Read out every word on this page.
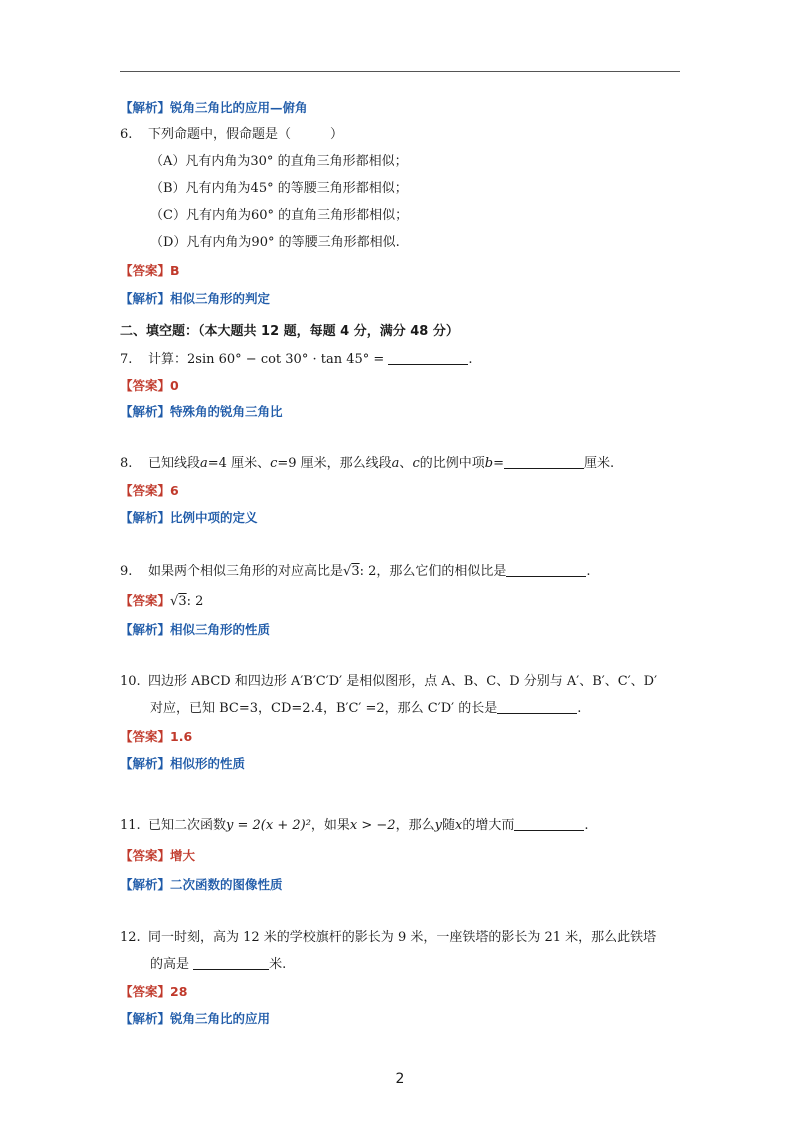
【解析】锐角三角比的应用—俯角
6. 下列命题中，假命题是（　　　）
（A）凡有内角为30° 的直角三角形都相似；
（B）凡有内角为45° 的等腰三角形都相似；
（C）凡有内角为60° 的直角三角形都相似；
（D）凡有内角为90° 的等腰三角形都相似.
【答案】B
【解析】相似三角形的判定
二、填空题：（本大题共 12 题，每题 4 分，满分 48 分）
7. 计算：2sin 60° − cot 30° · tan 45° =	.
【答案】0
【解析】特殊角的锐角三角比
8. 已知线段a=4 厘米、c=9 厘米，那么线段a、c的比例中项b=	厘米.
【答案】6
【解析】比例中项的定义
9. 如果两个相似三角形的对应高比是√3: 2，那么它们的相似比是	.
【答案】√3: 2
【解析】相似三角形的性质
10. 四边形 ABCD 和四边形 A′B′C′D′ 是相似图形，点 A、B、C、D 分别与 A′、B′、C′、D′
对应，已知 BC=3，CD=2.4，B′C′ =2，那么 C′D′ 的长是	.
【答案】1.6
【解析】相似形的性质
11. 已知二次函数y = 2(x + 2)²，如果x > −2，那么y随x的增大而	.
【答案】增大
【解析】二次函数的图像性质
12. 同一时刻，高为 12 米的学校旗杆的影长为 9 米，一座铁塔的影长为 21 米，那么此铁塔
的高是	米.
【答案】28
【解析】锐角三角比的应用
2
